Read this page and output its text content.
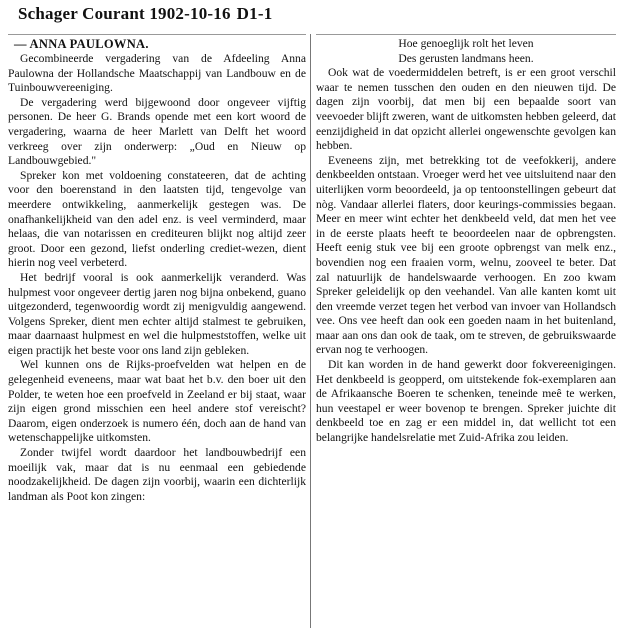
Schager Courant 1902-10-16 D1-1

— ANNA PAULOWNA.

Gecombineerde vergadering van de Afdeeling Anna Paulowna der Hollandsche Maatschappij van Landbouw en de Tuinbouwvereeniging.

De vergadering werd bijgewoond door ongeveer vijftig personen. De heer G. Brands opende met een kort woord de vergadering, waarna de heer Marlett van Delft het woord verkreeg over zijn onderwerp: „Oud en Nieuw op Landbouwgebied."

Spreker kon met voldoening constateeren, dat de achting voor den boerenstand in den laatsten tijd, tengevolge van meerdere ontwikkeling, aanmerkelijk gestegen was. De onafhankelijkheid van den adel enz. is veel verminderd, maar helaas, die van notarissen en crediteuren blijkt nog altijd zeer groot. Door een gezond, liefst onderling crediet-wezen, dient hierin nog veel verbeterd.

Het bedrijf vooral is ook aanmerkelijk veranderd. Was hulpmest voor ongeveer dertig jaren nog bijna onbekend, guano uitgezonderd, tegenwoordig wordt zij menigvuldig aangewend. Volgens Spreker, dient men echter altijd stalmest te gebruiken, maar daarnaast hulpmest en wel die hulpmeststoffen, welke uit eigen practijk het beste voor ons land zijn gebleken.

Wel kunnen ons de Rijks-proefvelden wat helpen en de gelegenheid eveneens, maar wat baat het b.v. den boer uit den Polder, te weten hoe een proefveld in Zeeland er bij staat, waar zijn eigen grond misschien een heel andere stof vereischt? Daarom, eigen onderzoek is numero één, doch aan de hand van wetenschappelijke uitkomsten.

Zonder twijfel wordt daardoor het landbouwbedrijf een moeilijk vak, maar dat is nu eenmaal een gebiedende noodzakelijkheid. De dagen zijn voorbij, waarin een dichterlijk landman als Poot kon zingen:

Hoe genoeglijk rolt het leven
Des gerusten landmans heen.

Ook wat de voedermiddelen betreft, is er een groot verschil waar te nemen tusschen den ouden en den nieuwen tijd. De dagen zijn voorbij, dat men bij een bepaalde soort van veevoeder blijft zweren, want de uitkomsten hebben geleerd, dat eenzijdigheid in dat opzicht allerlei ongewenschte gevolgen kan hebben.

Eveneens zijn, met betrekking tot de veefokkerij, andere denkbeelden ontstaan. Vroeger werd het vee uitsluitend naar den uiterlijken vorm beoordeeld, ja op tentoonstellingen gebeurt dat nòg. Vandaar allerlei flaters, door keurings-commissies begaan. Meer en meer wint echter het denkbeeld veld, dat men het vee in de eerste plaats heeft te beoordeelen naar de opbrengsten. Heeft eenig stuk vee bij een groote opbrengst van melk enz., bovendien nog een fraaien vorm, welnu, zooveel te beter. Dat zal natuurlijk de handelswaarde verhoogen. En zoo kwam Spreker geleidelijk op den veehandel. Van alle kanten komt uit den vreemde verzet tegen het verbod van invoer van Hollandsch vee. Ons vee heeft dan ook een goeden naam in het buitenland, maar aan ons dan ook de taak, om te streven, de gebruikswaarde ervan nog te verhoogen.

Dit kan worden in de hand gewerkt door fokvereenigingen. Het denkbeeld is geopperd, om uitstekende fok-exemplaren aan de Afrikaansche Boeren te schenken, teneinde meê te werken, hun veestapel er weer bovenop te brengen. Spreker juichte dit denkbeeld toe en zag er een middel in, dat wellicht tot een belangrijke handelsrelatie met Zuid-Afrika zou leiden.
